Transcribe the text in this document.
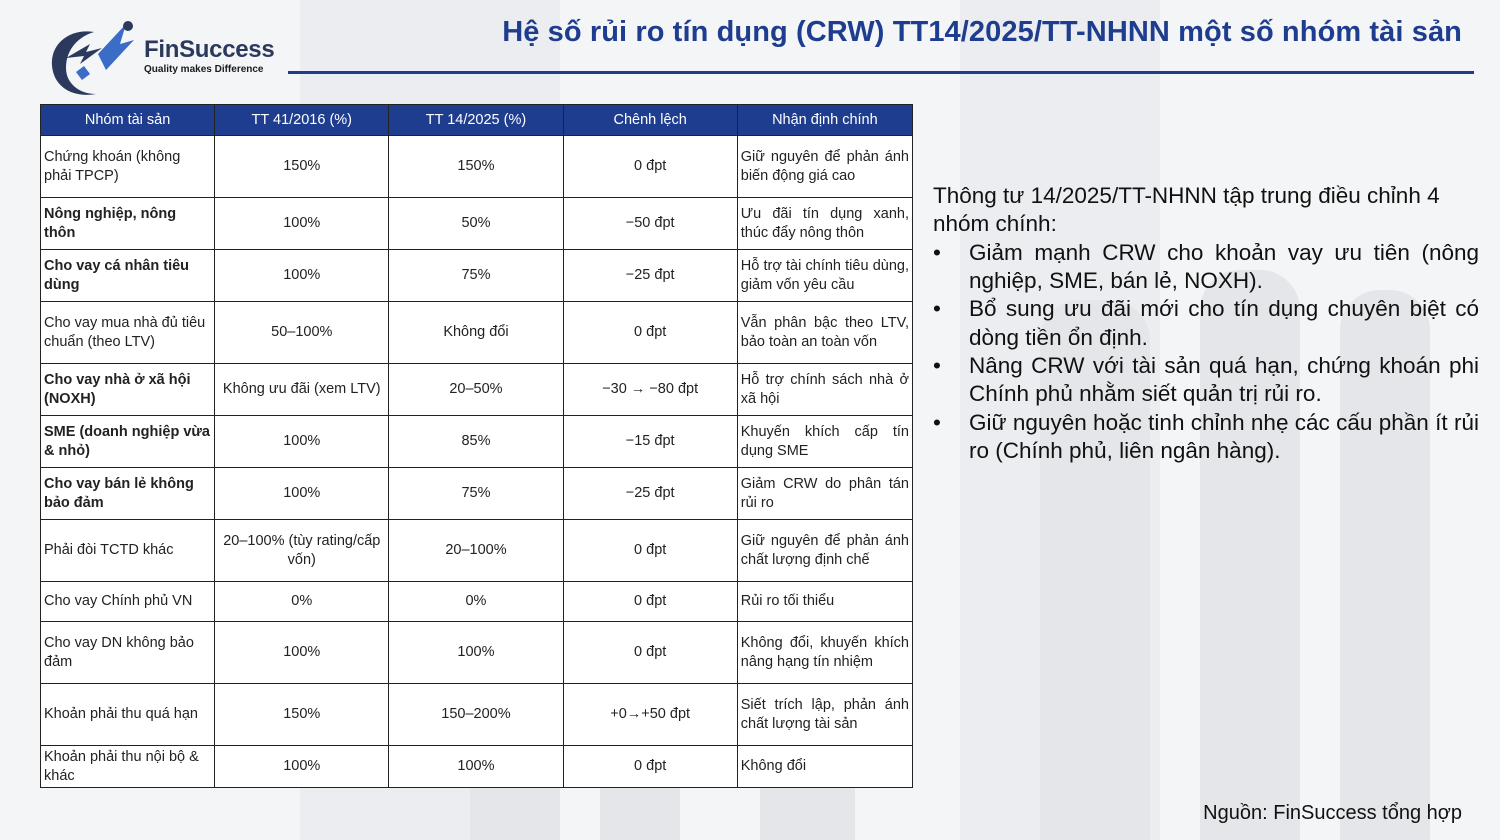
FinSuccess
Quality makes Difference
Hệ số rủi ro tín dụng (CRW) TT14/2025/TT-NHNN một số nhóm tài sản
Nhóm tài sản	TT 41/2016 (%)	TT 14/2025 (%)	Chênh lệch	Nhận định chính
Chứng khoán (không phải TPCP)	150%	150%	0 đpt	Giữ nguyên để phản ánh biến động giá cao
Nông nghiệp, nông thôn	100%	50%	−50 đpt	Ưu đãi tín dụng xanh, thúc đẩy nông thôn
Cho vay cá nhân tiêu dùng	100%	75%	−25 đpt	Hỗ trợ tài chính tiêu dùng, giảm vốn yêu cầu
Cho vay mua nhà đủ tiêu chuẩn (theo LTV)	50–100%	Không đổi	0 đpt	Vẫn phân bậc theo LTV, bảo toàn an toàn vốn
Cho vay nhà ở xã hội (NOXH)	Không ưu đãi (xem LTV)	20–50%	−30 → −80 đpt	Hỗ trợ chính sách nhà ở xã hội
SME (doanh nghiệp vừa & nhỏ)	100%	85%	−15 đpt	Khuyến khích cấp tín dụng SME
Cho vay bán lẻ không bảo đảm	100%	75%	−25 đpt	Giảm CRW do phân tán rủi ro
Phải đòi TCTD khác	20–100% (tùy rating/cấp vốn)	20–100%	0 đpt	Giữ nguyên để phản ánh chất lượng định chế
Cho vay Chính phủ VN	0%	0%	0 đpt	Rủi ro tối thiểu
Cho vay DN không bảo đảm	100%	100%	0 đpt	Không đổi, khuyến khích nâng hạng tín nhiệm
Khoản phải thu quá hạn	150%	150–200%	+0→+50 đpt	Siết trích lập, phản ánh chất lượng tài sản
Khoản phải thu nội bộ & khác	100%	100%	0 đpt	Không đổi
Thông tư 14/2025/TT-NHNN tập trung điều chỉnh 4 nhóm chính:
• Giảm mạnh CRW cho khoản vay ưu tiên (nông nghiệp, SME, bán lẻ, NOXH).
• Bổ sung ưu đãi mới cho tín dụng chuyên biệt có dòng tiền ổn định.
• Nâng CRW với tài sản quá hạn, chứng khoán phi Chính phủ nhằm siết quản trị rủi ro.
• Giữ nguyên hoặc tinh chỉnh nhẹ các cấu phần ít rủi ro (Chính phủ, liên ngân hàng).
Nguồn: FinSuccess tổng hợp
